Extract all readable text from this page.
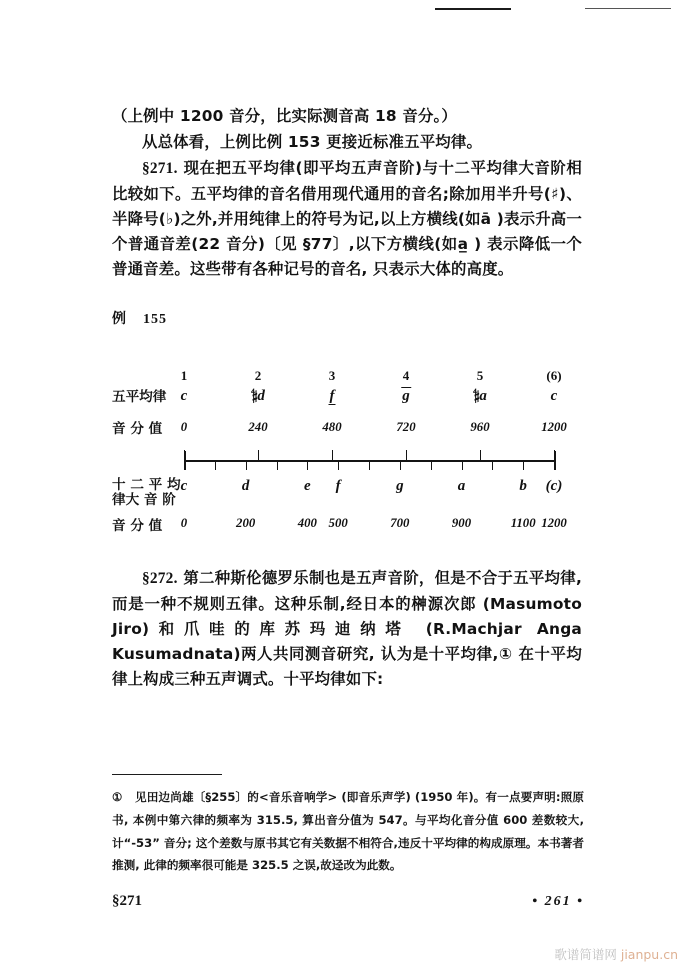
（上例中 1200 音分，比实际测音高 18 音分。）

从总体看，上例比例 153 更接近标准五平均律。

§271. 现在把五平均律(即平均五声音阶)与十二平均律大音阶相比较如下。五平均律的音名借用现代通用的音名;除加用半升号(♯)、半降号(♭)之外,并用纯律上的符号为记,以上方横线(如ā )表示升高一个普通音差(22 音分)〔见 §77〕,以下方横线(如a̲ ) 表示降低一个普通音差。这些带有各种记号的音名, 只表示大体的高度。

例 155
五平均律
音 分 值
十 二 平 均
律大 音 阶
音 分 值
1
c
0
2
𝄲d
240
3
f
480
4
g
720
5
𝄲a
960
(6)
c
1200
c
0
d
200
e
400
f
500
g
700
a
900
b
1100
(c)
1200

§272. 第二种斯伦德罗乐制也是五声音阶，但是不合于五平均律,而是一种不规则五律。这种乐制,经日本的榊源次郎 (Masumoto Jiro)和爪哇的库苏玛迪纳塔 (R.Machjar Anga Kusumadnata)两人共同测音研究, 认为是十平均律,① 在十平均律上构成三种五声调式。十平均律如下:

① 见田边尚雄〔§255〕的<音乐音响学> (即音乐声学) (1950 年)。有一点要声明:照原书, 本例中第六律的频率为 315.5, 算出音分值为 547。与平均化音分值 600 差数较大,计“-53” 音分; 这个差数与原书其它有关数据不相符合,违反十平均律的构成原理。本书著者推测, 此律的频率很可能是 325.5 之误,故迳改为此数。
§271	• 261 •
歌谱简谱网 jianpu.cn
